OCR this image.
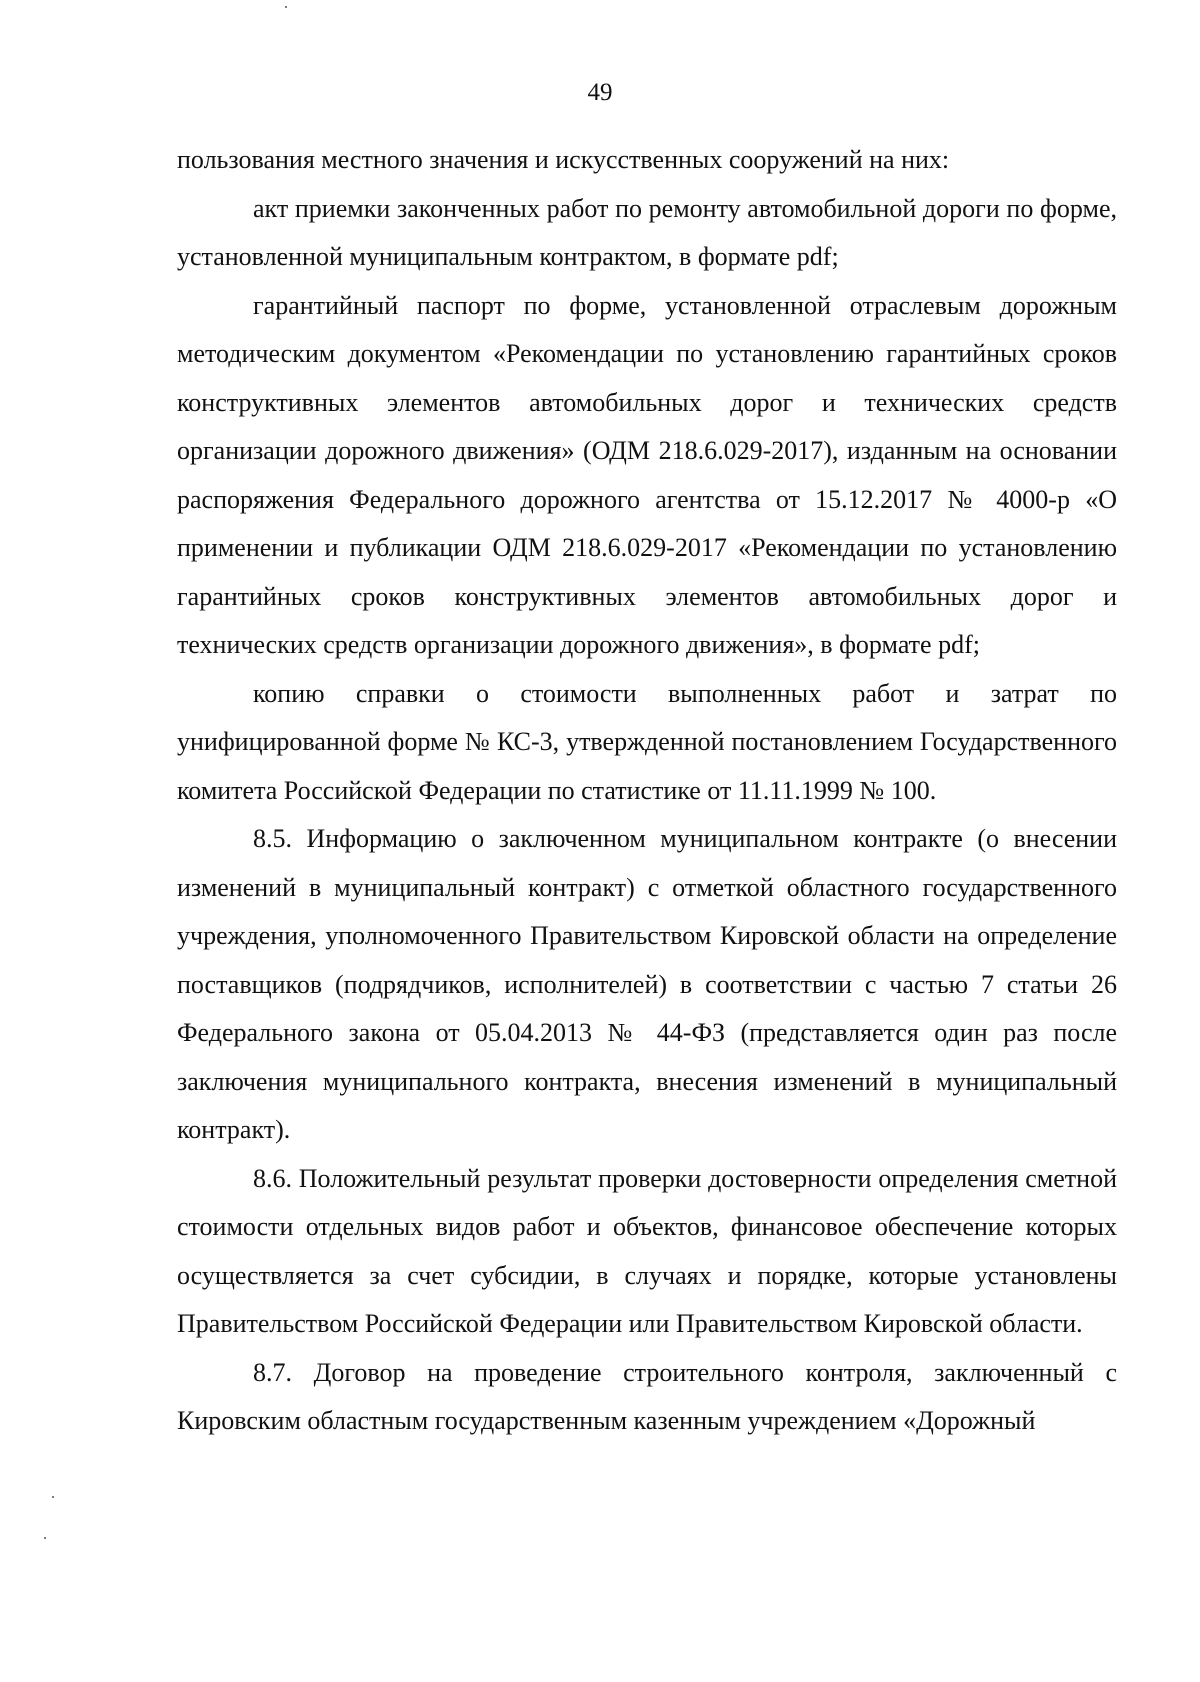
49

пользования местного значения и искусственных сооружений на них:

акт приемки законченных работ по ремонту автомобильной дороги по форме, установленной муниципальным контрактом, в формате pdf;

гарантийный паспорт по форме, установленной отраслевым дорожным методическим документом «Рекомендации по установлению гарантийных сроков конструктивных элементов автомобильных дорог и технических средств организации дорожного движения» (ОДМ 218.6.029-2017), изданным на основании распоряжения Федерального дорожного агентства от 15.12.2017 № 4000-р «О применении и публикации ОДМ 218.6.029-2017 «Рекомендации по установлению гарантийных сроков конструктивных элементов автомобильных дорог и технических средств организации дорожного движения», в формате pdf;

копию справки о стоимости выполненных работ и затрат по унифицированной форме № КС-3, утвержденной постановлением Государственного комитета Российской Федерации по статистике от 11.11.1999 № 100.

8.5. Информацию о заключенном муниципальном контракте (о внесении изменений в муниципальный контракт) с отметкой областного государственного учреждения, уполномоченного Правительством Кировской области на определение поставщиков (подрядчиков, исполнителей) в соответствии с частью 7 статьи 26 Федерального закона от 05.04.2013 № 44-ФЗ (представляется один раз после заключения муниципального контракта, внесения изменений в муниципальный контракт).

8.6. Положительный результат проверки достоверности определения сметной стоимости отдельных видов работ и объектов, финансовое обеспечение которых осуществляется за счет субсидии, в случаях и порядке, которые установлены Правительством Российской Федерации или Правительством Кировской области.

8.7. Договор на проведение строительного контроля, заключенный с Кировским областным государственным казенным учреждением «Дорожный
